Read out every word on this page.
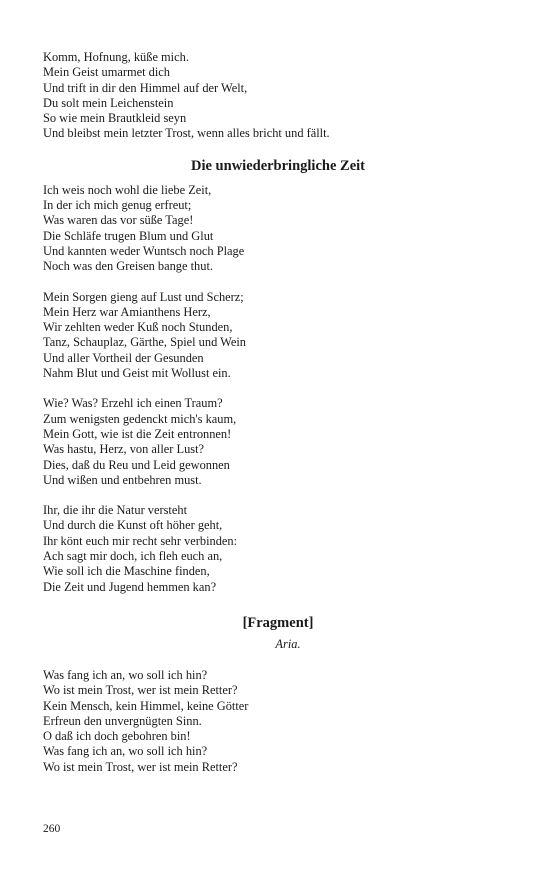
Komm, Hofnung, küße mich.
Mein Geist umarmet dich
Und trift in dir den Himmel auf der Welt,
Du solt mein Leichenstein
So wie mein Brautkleid seyn
Und bleibst mein letzter Trost, wenn alles bricht und fällt.
Die unwiederbringliche Zeit
Ich weis noch wohl die liebe Zeit,
In der ich mich genug erfreut;
Was waren das vor süße Tage!
Die Schläfe trugen Blum und Glut
Und kannten weder Wuntsch noch Plage
Noch was den Greisen bange thut.
Mein Sorgen gieng auf Lust und Scherz;
Mein Herz war Amianthens Herz,
Wir zehlten weder Kuß noch Stunden,
Tanz, Schauplaz, Gärthe, Spiel und Wein
Und aller Vortheil der Gesunden
Nahm Blut und Geist mit Wollust ein.
Wie? Was? Erzehl ich einen Traum?
Zum wenigsten gedenckt mich's kaum,
Mein Gott, wie ist die Zeit entronnen!
Was hastu, Herz, von aller Lust?
Dies, daß du Reu und Leid gewonnen
Und wißen und entbehren must.
Ihr, die ihr die Natur versteht
Und durch die Kunst oft höher geht,
Ihr könt euch mir recht sehr verbinden:
Ach sagt mir doch, ich fleh euch an,
Wie soll ich die Maschine finden,
Die Zeit und Jugend hemmen kan?
[Fragment]
Aria.
Was fang ich an, wo soll ich hin?
Wo ist mein Trost, wer ist mein Retter?
Kein Mensch, kein Himmel, keine Götter
Erfreun den unvergnügten Sinn.
O daß ich doch gebohren bin!
Was fang ich an, wo soll ich hin?
Wo ist mein Trost, wer ist mein Retter?
260
